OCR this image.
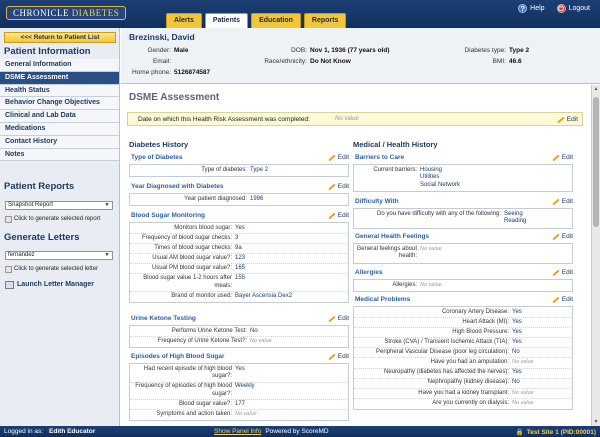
CHRONICLE DIABETES
Alerts	Patients	Education	Reports
? Help ⏻ Logout
<<< Return to Patient List
Patient Information
General Information
DSME Assessment
Health Status
Behavior Change Objectives
Clinical and Lab Data
Medications
Contact History
Notes
Patient Reports
Snapshot Report	▼
Click to generate selected report
Generate Letters
fernandez	▼
Click to generate selected letter
Launch Letter Manager
Brezinski, David
Gender: Male
Email:
Home phone: 5126874587
DOB: Nov 1, 1936 (77 years old)
Race/ethnicity: Do Not Know
Diabetes type: Type 2
BMI: 46.6
DSME Assessment
Date on which this Health Risk Assessment was completed:	No value	Edit
Diabetes History	Medical / Health History
Type of Diabetes	Edit
Type of diabetes: Type 2
Year Diagnosed with Diabetes	Edit
Year patient diagnosed: 1996
Blood Sugar Monitoring	Edit
Monitors blood sugar: Yes
Frequency of blood sugar checks: 3
Times of blood sugar checks: 9a
Usual AM blood sugar value?: 123
Usual PM blood sugar value?: 165
Blood sugar value 1-2 hours after meals:
155
Brand of monitor used: Bayer Ascensia Dex2
Urine Ketone Testing	Edit
Performs Urine Ketone Test: No
Frequency of Urine Ketone Test?: No value
Episodes of High Blood Sugar	Edit
Had recent episode of high blood sugar?:
Yes
Frequency of episodes of high blood sugar?:
Weekly
Blood sugar value?: 177
Symptoms and action taken: No value
Barriers to Care	Edit
Current barriers: Housing
Utilities
Social Network
Difficulty With	Edit
Do you have difficulty with any of the following: Seeing
Reading
General Health Feelings	Edit
General feelings about health:
No value
Allergies	Edit
Allergies: No value
Medical Problems	Edit
Coronary Artery Disease: Yes
Heart Attack (MI): Yes
High Blood Pressure: Yes
Stroke (CVA) / Transient Ischemic Attack (TIA): Yes
Peripheral Vascular Disease (poor leg circulation): No
Have you had an amputation: No value
Neuropathy (diabetes has affected the nerves): Yes
Nephropathy (kidney disease): No
Have you had a kidney transplant: No value
Are you currently on dialysis: No value
▲
▼
Logged in as: Edith Educator	Show Panel Info Powered by ScoreMD	🔒 Test Site 1 (PID:00001)
